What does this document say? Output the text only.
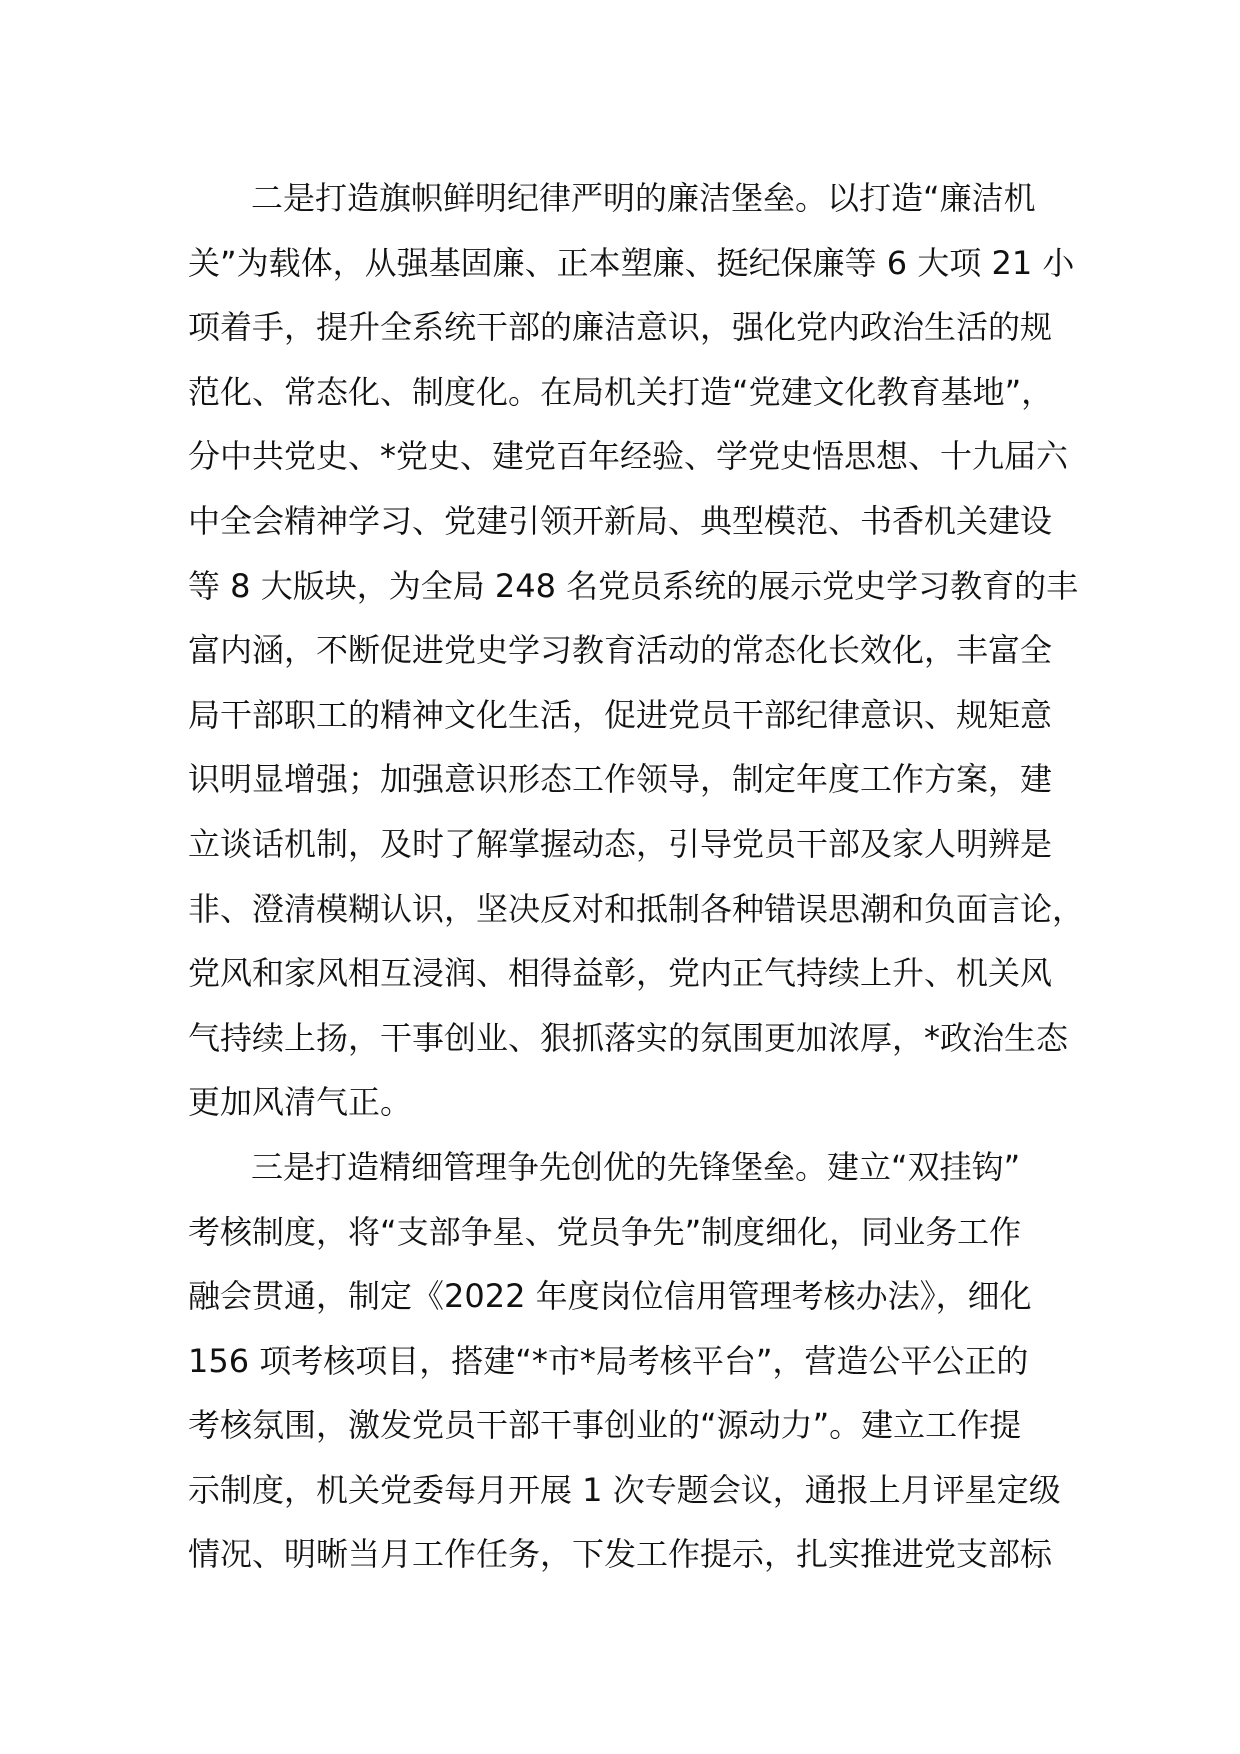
二是打造旗帜鲜明纪律严明的廉洁堡垒。以打造“廉洁机
关”为载体，从强基固廉、正本塑廉、挺纪保廉等 6 大项 21 小
项着手，提升全系统干部的廉洁意识，强化党内政治生活的规
范化、常态化、制度化。在局机关打造“党建文化教育基地”，
分中共党史、*党史、建党百年经验、学党史悟思想、十九届六
中全会精神学习、党建引领开新局、典型模范、书香机关建设
等 8 大版块，为全局 248 名党员系统的展示党史学习教育的丰
富内涵，不断促进党史学习教育活动的常态化长效化，丰富全
局干部职工的精神文化生活，促进党员干部纪律意识、规矩意
识明显增强；加强意识形态工作领导，制定年度工作方案，建
立谈话机制，及时了解掌握动态，引导党员干部及家人明辨是
非、澄清模糊认识，坚决反对和抵制各种错误思潮和负面言论，
党风和家风相互浸润、相得益彰，党内正气持续上升、机关风
气持续上扬，干事创业、狠抓落实的氛围更加浓厚，*政治生态
更加风清气正。
三是打造精细管理争先创优的先锋堡垒。建立“双挂钩”
考核制度，将“支部争星、党员争先”制度细化，同业务工作
融会贯通，制定《2022 年度岗位信用管理考核办法》，细化
156 项考核项目，搭建“*市*局考核平台”，营造公平公正的
考核氛围，激发党员干部干事创业的“源动力”。建立工作提
示制度，机关党委每月开展 1 次专题会议，通报上月评星定级
情况、明晰当月工作任务，下发工作提示，扎实推进党支部标
